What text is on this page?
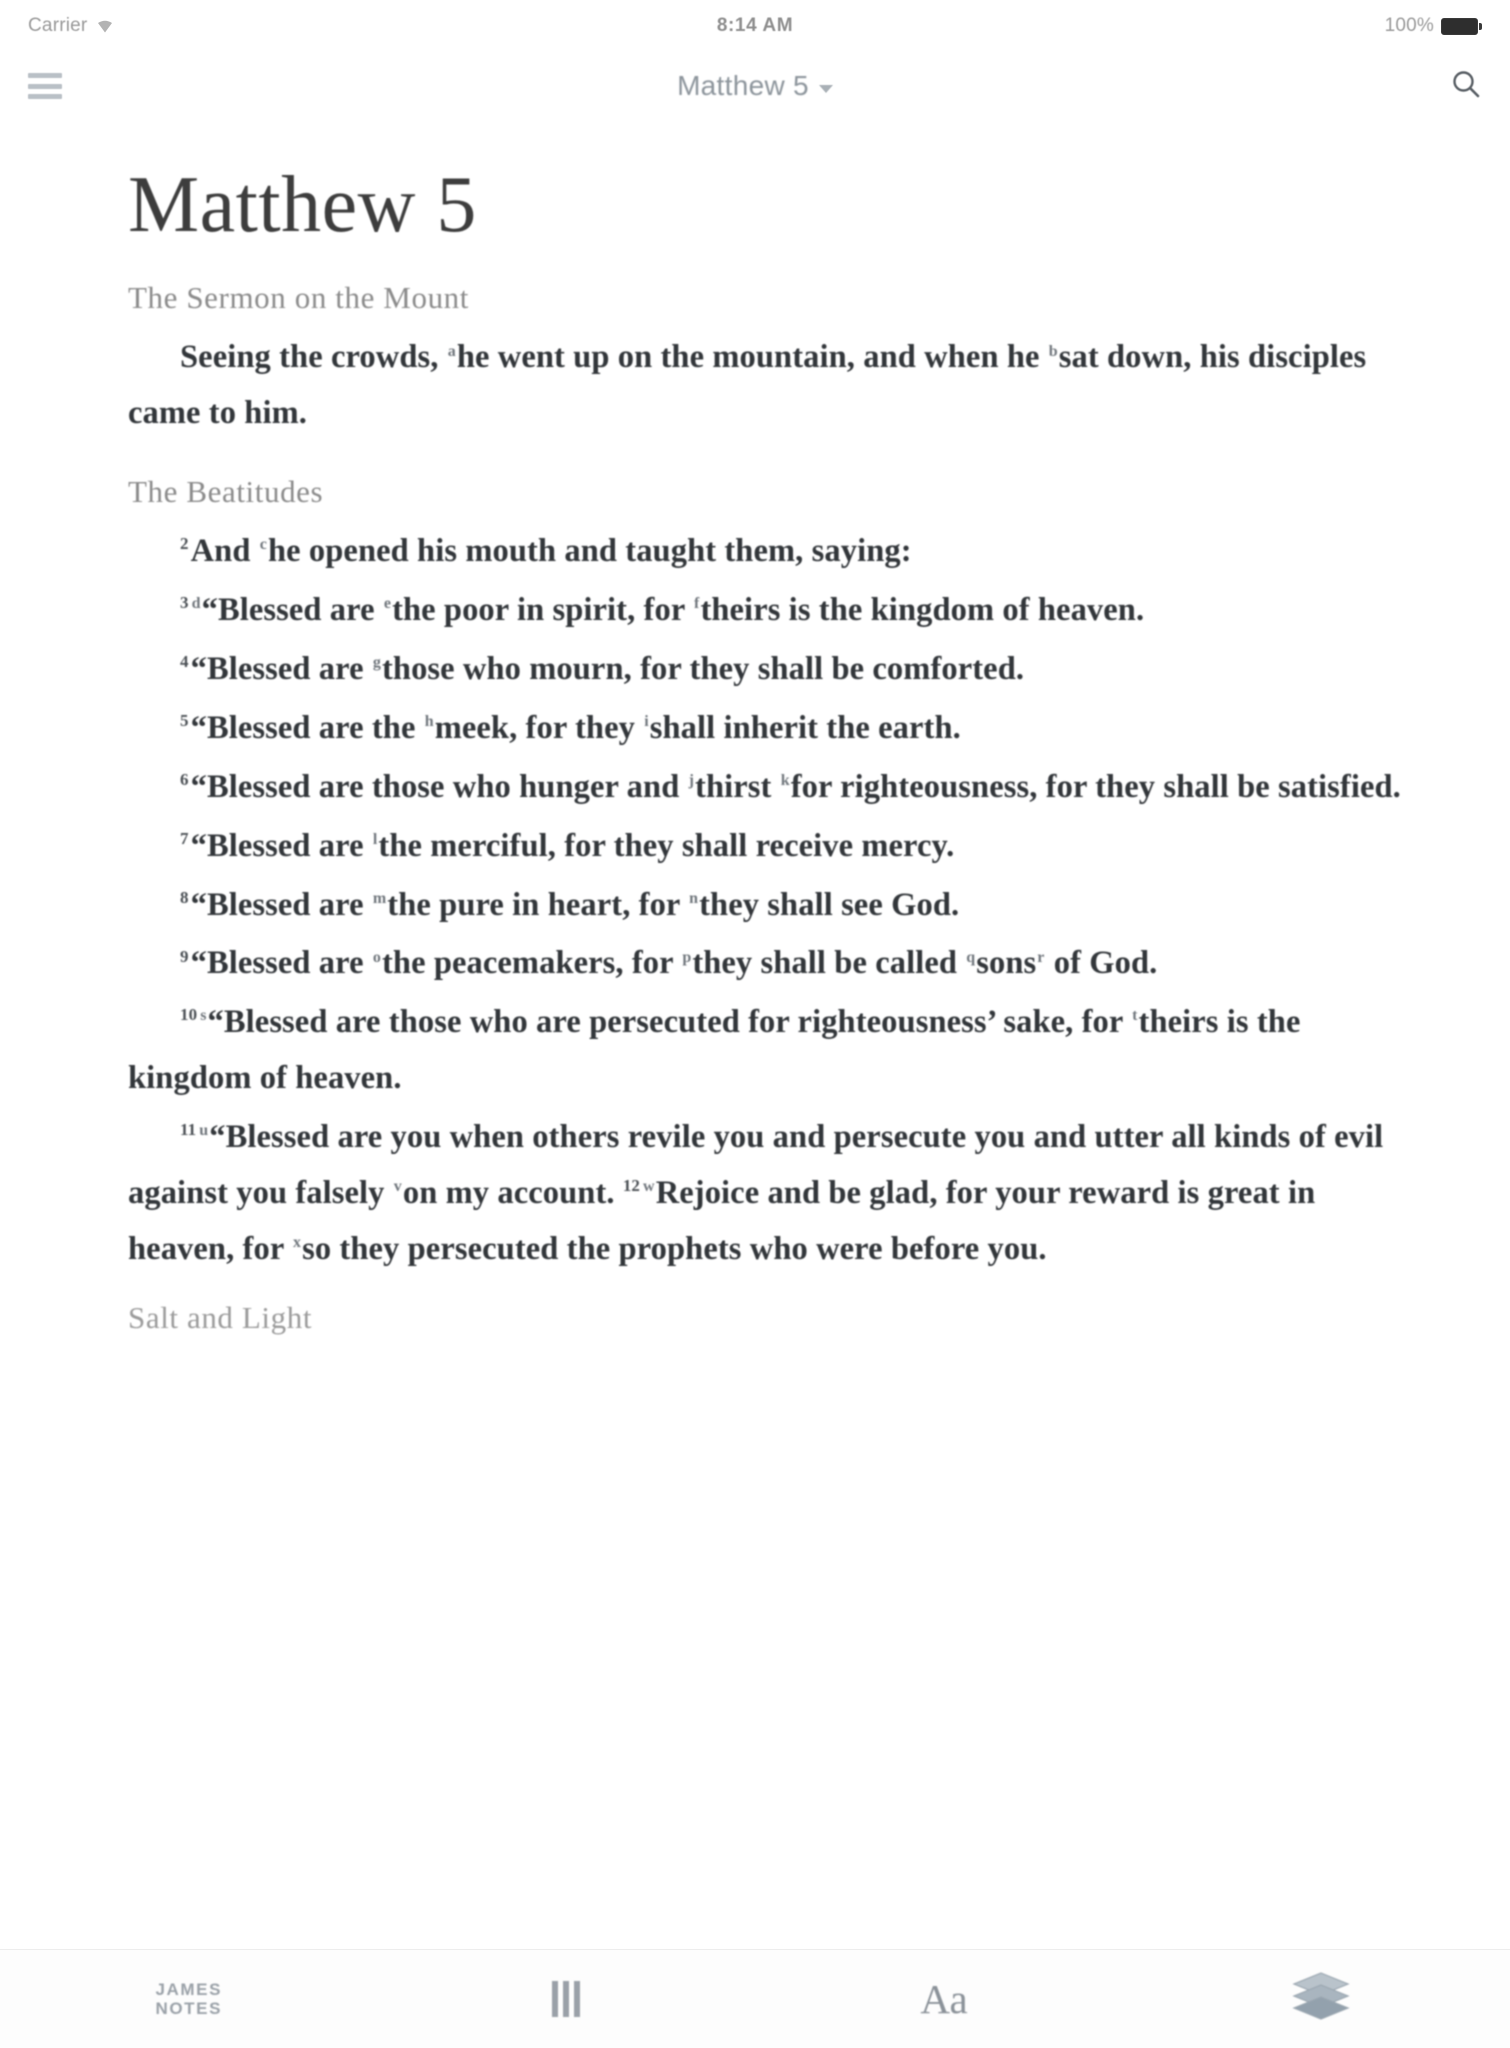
Carrier	8:14 AM	100%
Matthew 5
Matthew 5
The Sermon on the Mount

Seeing the crowds, $^a$he went up on the mountain, and when he $^b$sat down, his disciples came to him.

The Beatitudes

$^2$And $^c$he opened his mouth and taught them, saying:

$^3$ $^d$“Blessed are $^e$the poor in spirit, for $^f$theirs is the kingdom of heaven.

$^4$“Blessed are $^g$those who mourn, for they shall be comforted.

$^5$“Blessed are the $^h$meek, for they $^i$shall inherit the earth.

$^6$“Blessed are those who hunger and $^j$thirst $^k$for righteousness, for they shall be satisfied.

$^7$“Blessed are $^l$the merciful, for they shall receive mercy.

$^8$“Blessed are $^m$the pure in heart, for $^n$they shall see God.

$^9$“Blessed are $^o$the peacemakers, for $^p$they shall be called $^q$sons$^r$ of God.

$^{10}$ $^s$“Blessed are those who are persecuted for righteousness’ sake, for $^t$theirs is the kingdom of heaven.

$^{11}$ $^u$“Blessed are you when others revile you and persecute you and utter all kinds of evil against you falsely $^v$on my account. $^{12}$ $^w$Rejoice and be glad, for your reward is great in heaven, for $^x$so they persecuted the prophets who were before you.

Salt and Light
JAMES
NOTES	Aa
